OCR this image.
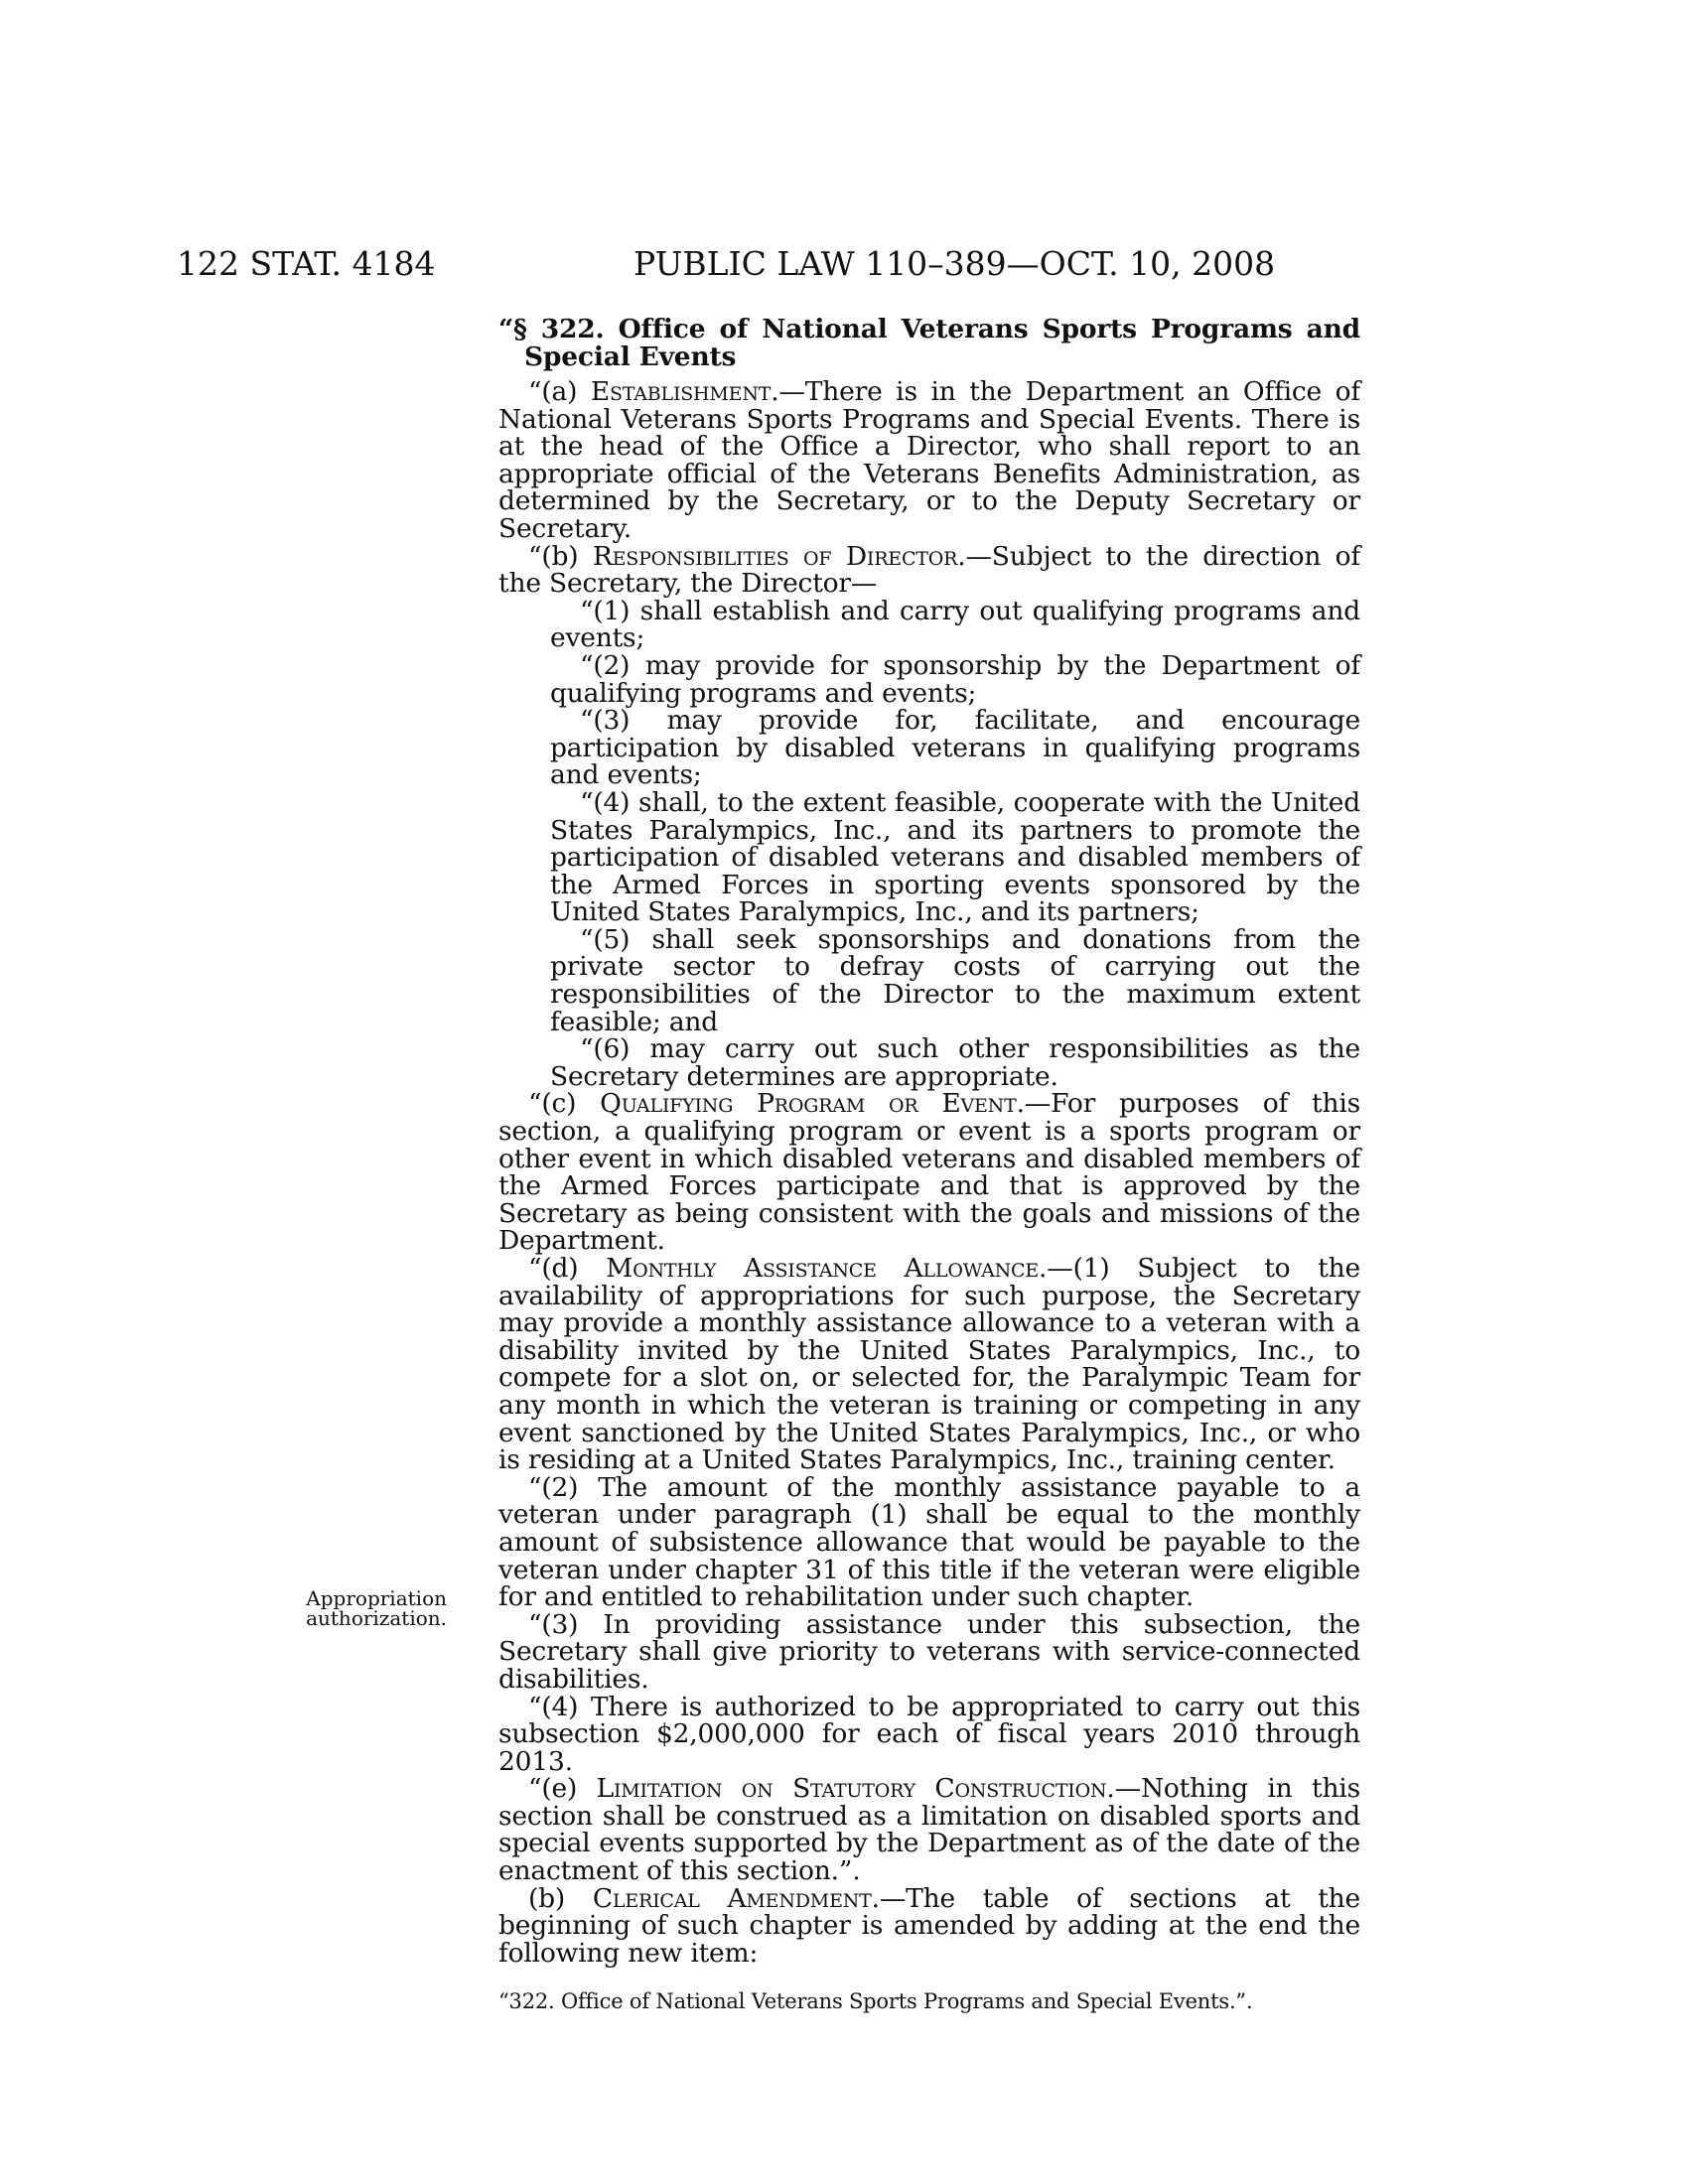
122 STAT. 4184	PUBLIC LAW 110–389—OCT. 10, 2008
Appropriation authorization.

“§ 322. Office of National Veterans Sports Programs and Special Events

“(a) Establishment.—There is in the Department an Office of National Veterans Sports Programs and Special Events. There is at the head of the Office a Director, who shall report to an appropriate official of the Veterans Benefits Administration, as determined by the Secretary, or to the Deputy Secretary or Secretary.

“(b) Responsibilities of Director.—Subject to the direction of the Secretary, the Director—

“(1) shall establish and carry out qualifying programs and events;

“(2) may provide for sponsorship by the Department of qualifying programs and events;

“(3) may provide for, facilitate, and encourage participation by disabled veterans in qualifying programs and events;

“(4) shall, to the extent feasible, cooperate with the United States Paralympics, Inc., and its partners to promote the participation of disabled veterans and disabled members of the Armed Forces in sporting events sponsored by the United States Paralympics, Inc., and its partners;

“(5) shall seek sponsorships and donations from the private sector to defray costs of carrying out the responsibilities of the Director to the maximum extent feasible; and

“(6) may carry out such other responsibilities as the Secretary determines are appropriate.

“(c) Qualifying Program or Event.—For purposes of this section, a qualifying program or event is a sports program or other event in which disabled veterans and disabled members of the Armed Forces participate and that is approved by the Secretary as being consistent with the goals and missions of the Department.

“(d) Monthly Assistance Allowance.—(1) Subject to the availability of appropriations for such purpose, the Secretary may provide a monthly assistance allowance to a veteran with a disability invited by the United States Paralympics, Inc., to compete for a slot on, or selected for, the Paralympic Team for any month in which the veteran is training or competing in any event sanctioned by the United States Paralympics, Inc., or who is residing at a United States Paralympics, Inc., training center.

“(2) The amount of the monthly assistance payable to a veteran under paragraph (1) shall be equal to the monthly amount of subsistence allowance that would be payable to the veteran under chapter 31 of this title if the veteran were eligible for and entitled to rehabilitation under such chapter.

“(3) In providing assistance under this subsection, the Secretary shall give priority to veterans with service-connected disabilities.

“(4) There is authorized to be appropriated to carry out this subsection $2,000,000 for each of fiscal years 2010 through 2013.

“(e) Limitation on Statutory Construction.—Nothing in this section shall be construed as a limitation on disabled sports and special events supported by the Department as of the date of the enactment of this section.”.

(b) Clerical Amendment.—The table of sections at the beginning of such chapter is amended by adding at the end the following new item:

“322. Office of National Veterans Sports Programs and Special Events.”.
